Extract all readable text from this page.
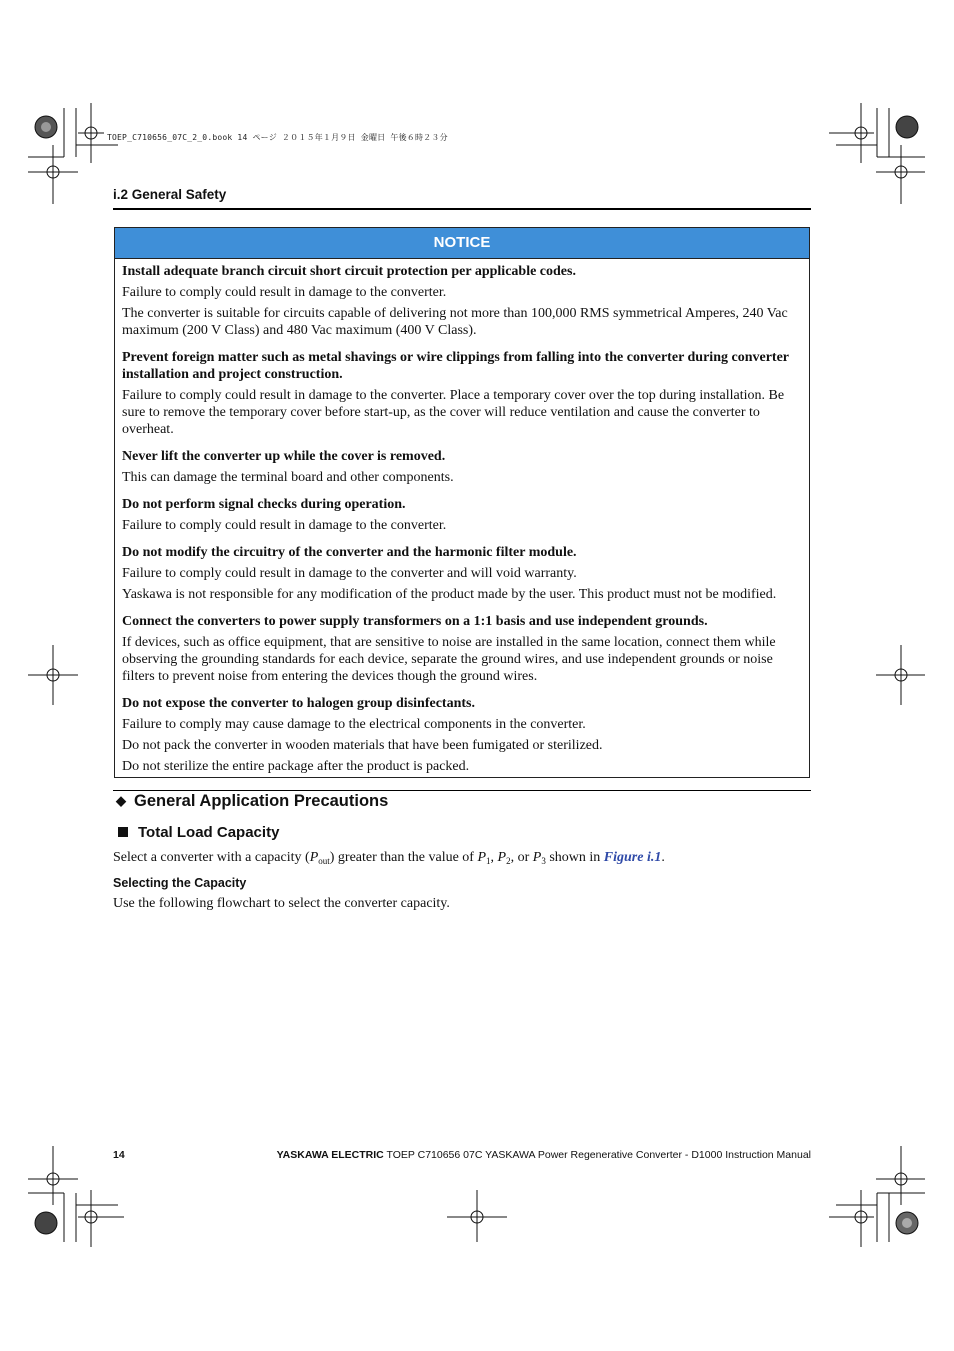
TOEP_C710656_07C_2_0.book 14 ページ ２０１５年１月９日 金曜日 午後６時２３分
i.2 General Safety
NOTICE

Install adequate branch circuit short circuit protection per applicable codes.

Failure to comply could result in damage to the converter.

The converter is suitable for circuits capable of delivering not more than 100,000 RMS symmetrical Amperes, 240 Vac maximum (200 V Class) and 480 Vac maximum (400 V Class).

Prevent foreign matter such as metal shavings or wire clippings from falling into the converter during converter installation and project construction.

Failure to comply could result in damage to the converter. Place a temporary cover over the top during installation. Be sure to remove the temporary cover before start-up, as the cover will reduce ventilation and cause the converter to overheat.

Never lift the converter up while the cover is removed.

This can damage the terminal board and other components.

Do not perform signal checks during operation.

Failure to comply could result in damage to the converter.

Do not modify the circuitry of the converter and the harmonic filter module.

Failure to comply could result in damage to the converter and will void warranty.

Yaskawa is not responsible for any modification of the product made by the user. This product must not be modified.

Connect the converters to power supply transformers on a 1:1 basis and use independent grounds.

If devices, such as office equipment, that are sensitive to noise are installed in the same location, connect them while observing the grounding standards for each device, separate the ground wires, and use independent grounds or noise filters to prevent noise from entering the devices though the ground wires.

Do not expose the converter to halogen group disinfectants.

Failure to comply may cause damage to the electrical components in the converter.

Do not pack the converter in wooden materials that have been fumigated or sterilized.

Do not sterilize the entire package after the product is packed.

◆ General Application Precautions
Total Load Capacity
Select a converter with a capacity $(P_{out})$ greater than the value of $P_1$, $P_2$, or $P_3$ shown in Figure i.1.
Selecting the Capacity
Use the following flowchart to select the converter capacity.
14	YASKAWA ELECTRIC TOEP C710656 07C YASKAWA Power Regenerative Converter - D1000 Instruction Manual
